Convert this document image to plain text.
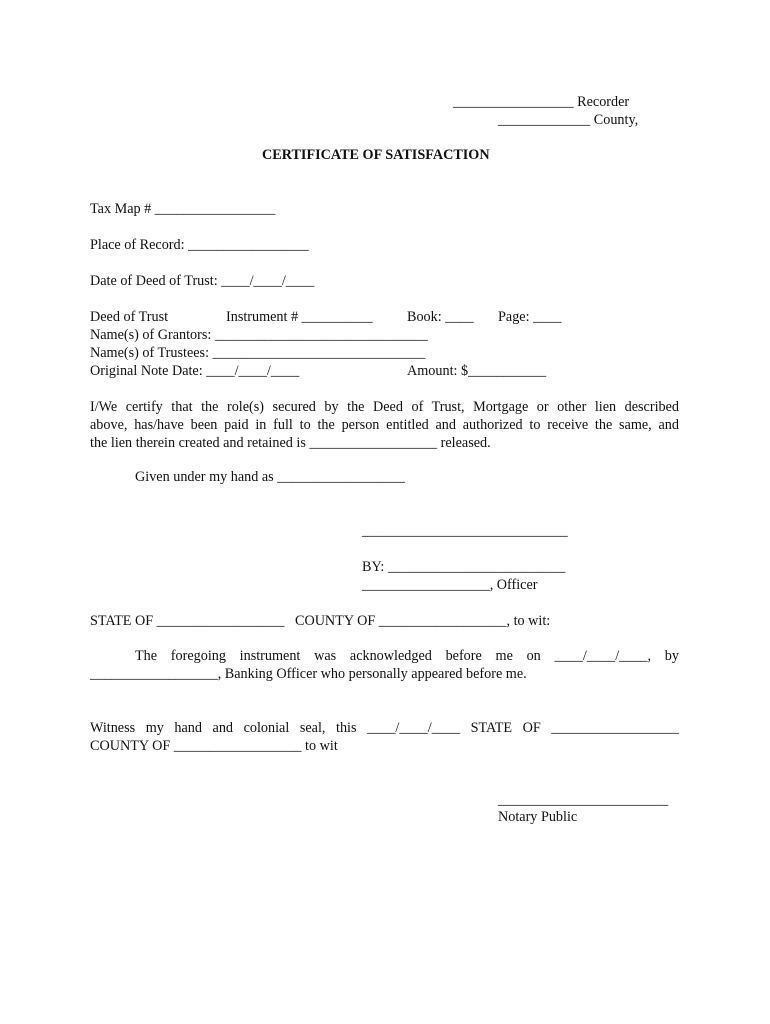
_________________ Recorder
_____________ County,
CERTIFICATE OF SATISFACTION
Tax Map # _________________
Place of Record: _________________
Date of Deed of Trust: ____/____/____
Deed of Trust	Instrument # __________ Book: ____ Page: ____
Name(s) of Grantors: ______________________________
Name(s) of Trustees: ______________________________
Original Note Date: ____/____/____	Amount: $___________
I/We certify that the role(s) secured by the Deed of Trust, Mortgage or other lien described
above, has/have been paid in full to the person entitled and authorized to receive the same, and
the lien therein created and retained is __________________ released.
Given under my hand as __________________
_____________________________
BY: _________________________
__________________, Officer
STATE OF __________________   COUNTY OF __________________, to wit:
The foregoing instrument was acknowledged before me on ____/____/____, by
__________________, Banking Officer who personally appeared before me.
Witness my hand and colonial seal, this ____/____/____ STATE OF __________________
COUNTY OF __________________ to wit
________________________
Notary Public
